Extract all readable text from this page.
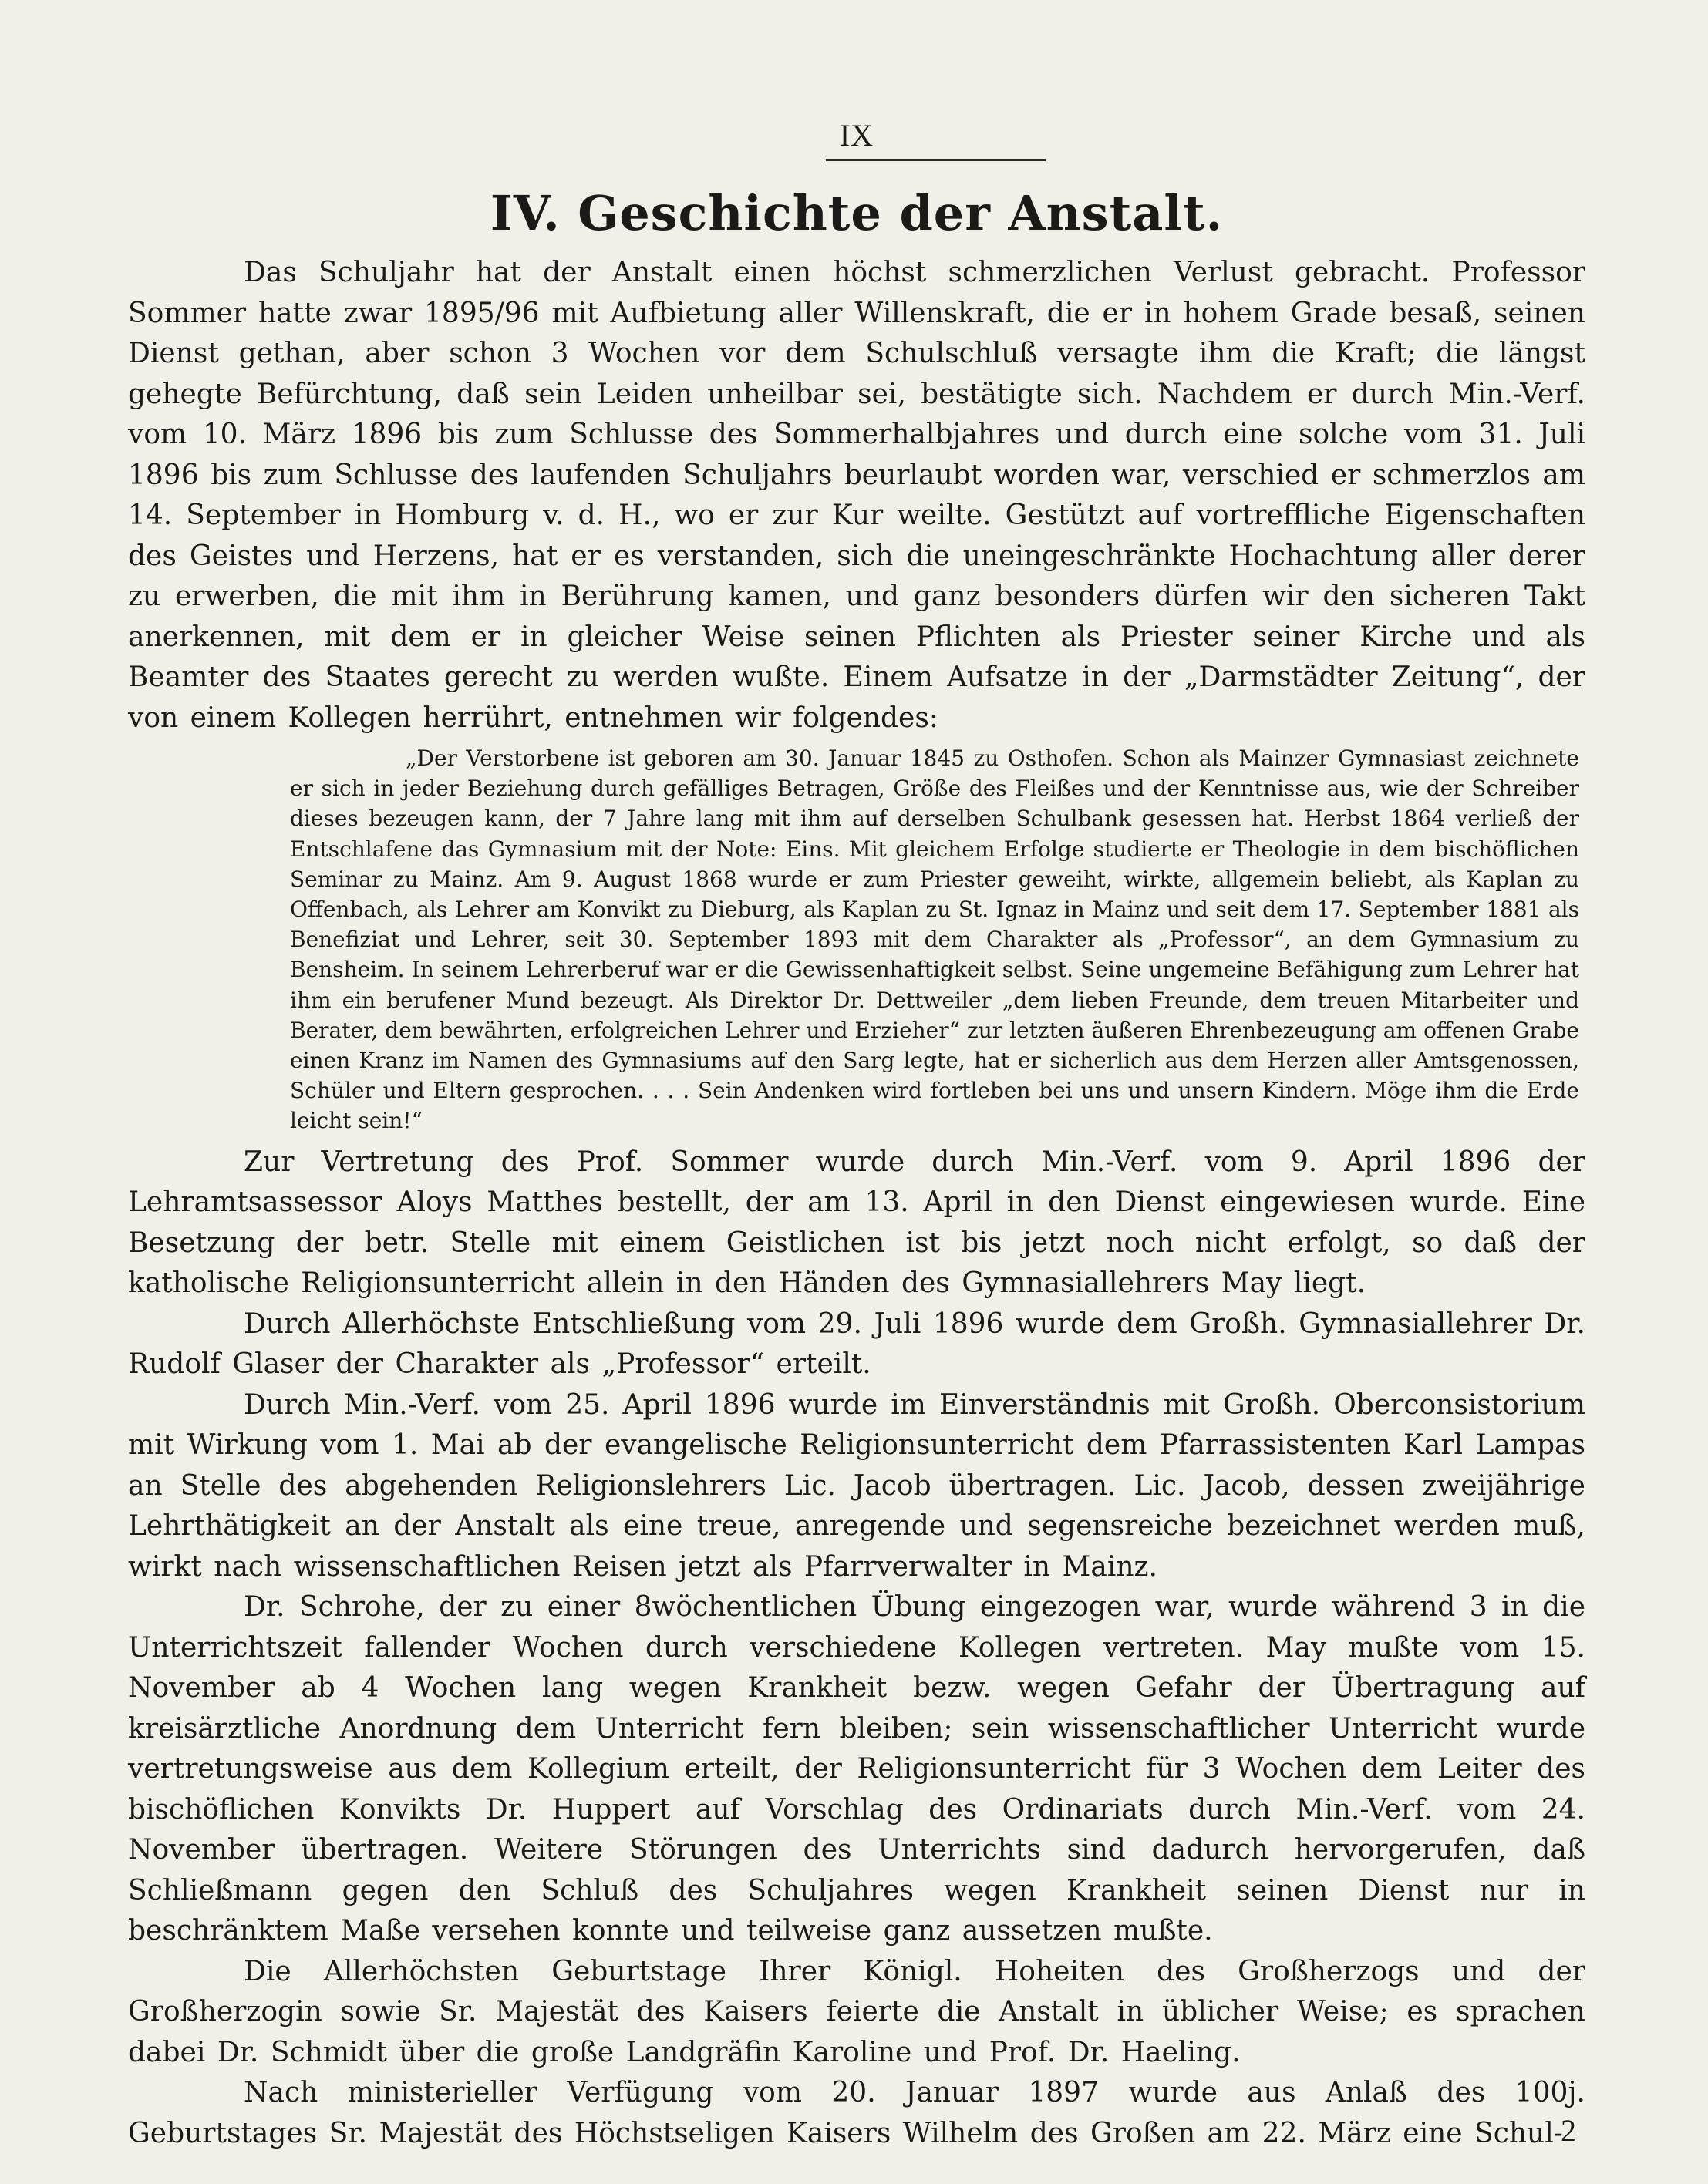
IX
IV. Geschichte der Anstalt.

Das Schuljahr hat der Anstalt einen höchst schmerzlichen Verlust gebracht. Professor Sommer hatte zwar 1895/96 mit Aufbietung aller Willenskraft, die er in hohem Grade besaß, seinen Dienst gethan, aber schon 3 Wochen vor dem Schulschluß versagte ihm die Kraft; die längst gehegte Befürchtung, daß sein Leiden unheilbar sei, bestätigte sich. Nachdem er durch Min.-Verf. vom 10. März 1896 bis zum Schlusse des Sommerhalbjahres und durch eine solche vom 31. Juli 1896 bis zum Schlusse des laufenden Schuljahrs beurlaubt worden war, verschied er schmerzlos am 14. September in Homburg v. d. H., wo er zur Kur weilte. Gestützt auf vortreffliche Eigenschaften des Geistes und Herzens, hat er es verstanden, sich die uneingeschränkte Hochachtung aller derer zu erwerben, die mit ihm in Berührung kamen, und ganz besonders dürfen wir den sicheren Takt anerkennen, mit dem er in gleicher Weise seinen Pflichten als Priester seiner Kirche und als Beamter des Staates gerecht zu werden wußte. Einem Aufsatze in der „Darmstädter Zeitung“, der von einem Kollegen herrührt, entnehmen wir folgendes:

„Der Verstorbene ist geboren am 30. Januar 1845 zu Osthofen. Schon als Mainzer Gymnasiast zeichnete er sich in jeder Beziehung durch gefälliges Betragen, Größe des Fleißes und der Kenntnisse aus, wie der Schreiber dieses bezeugen kann, der 7 Jahre lang mit ihm auf derselben Schulbank gesessen hat. Herbst 1864 verließ der Entschlafene das Gymnasium mit der Note: Eins. Mit gleichem Erfolge studierte er Theologie in dem bischöflichen Seminar zu Mainz. Am 9. August 1868 wurde er zum Priester geweiht, wirkte, allgemein beliebt, als Kaplan zu Offenbach, als Lehrer am Konvikt zu Dieburg, als Kaplan zu St. Ignaz in Mainz und seit dem 17. September 1881 als Benefiziat und Lehrer, seit 30. September 1893 mit dem Charakter als „Professor“, an dem Gymnasium zu Bensheim. In seinem Lehrerberuf war er die Gewissenhaftigkeit selbst. Seine ungemeine Befähigung zum Lehrer hat ihm ein berufener Mund bezeugt. Als Direktor Dr. Dettweiler „dem lieben Freunde, dem treuen Mitarbeiter und Berater, dem bewährten, erfolgreichen Lehrer und Erzieher“ zur letzten äußeren Ehrenbezeugung am offenen Grabe einen Kranz im Namen des Gymnasiums auf den Sarg legte, hat er sicherlich aus dem Herzen aller Amtsgenossen, Schüler und Eltern gesprochen. . . . Sein Andenken wird fortleben bei uns und unsern Kindern. Möge ihm die Erde leicht sein!“

Zur Vertretung des Prof. Sommer wurde durch Min.-Verf. vom 9. April 1896 der Lehramtsassessor Aloys Matthes bestellt, der am 13. April in den Dienst eingewiesen wurde. Eine Besetzung der betr. Stelle mit einem Geistlichen ist bis jetzt noch nicht erfolgt, so daß der katholische Religionsunterricht allein in den Händen des Gymnasiallehrers May liegt.

Durch Allerhöchste Entschließung vom 29. Juli 1896 wurde dem Großh. Gymnasiallehrer Dr. Rudolf Glaser der Charakter als „Professor“ erteilt.

Durch Min.-Verf. vom 25. April 1896 wurde im Einverständnis mit Großh. Oberconsistorium mit Wirkung vom 1. Mai ab der evangelische Religionsunterricht dem Pfarrassistenten Karl Lampas an Stelle des abgehenden Religionslehrers Lic. Jacob übertragen. Lic. Jacob, dessen zweijährige Lehrthätigkeit an der Anstalt als eine treue, anregende und segensreiche bezeichnet werden muß, wirkt nach wissenschaftlichen Reisen jetzt als Pfarrverwalter in Mainz.

Dr. Schrohe, der zu einer 8wöchentlichen Übung eingezogen war, wurde während 3 in die Unterrichtszeit fallender Wochen durch verschiedene Kollegen vertreten. May mußte vom 15. November ab 4 Wochen lang wegen Krankheit bezw. wegen Gefahr der Übertragung auf kreisärztliche Anordnung dem Unterricht fern bleiben; sein wissenschaftlicher Unterricht wurde vertretungsweise aus dem Kollegium erteilt, der Religionsunterricht für 3 Wochen dem Leiter des bischöflichen Konvikts Dr. Huppert auf Vorschlag des Ordinariats durch Min.-Verf. vom 24. November übertragen. Weitere Störungen des Unterrichts sind dadurch hervorgerufen, daß Schließmann gegen den Schluß des Schuljahres wegen Krankheit seinen Dienst nur in beschränktem Maße versehen konnte und teilweise ganz aussetzen mußte.

Die Allerhöchsten Geburtstage Ihrer Königl. Hoheiten des Großherzogs und der Großherzogin sowie Sr. Majestät des Kaisers feierte die Anstalt in üblicher Weise; es sprachen dabei Dr. Schmidt über die große Landgräfin Karoline und Prof. Dr. Haeling.

Nach ministerieller Verfügung vom 20. Januar 1897 wurde aus Anlaß des 100j. Geburtstages Sr. Majestät des Höchstseligen Kaisers Wilhelm des Großen am 22. März eine Schul-

2
